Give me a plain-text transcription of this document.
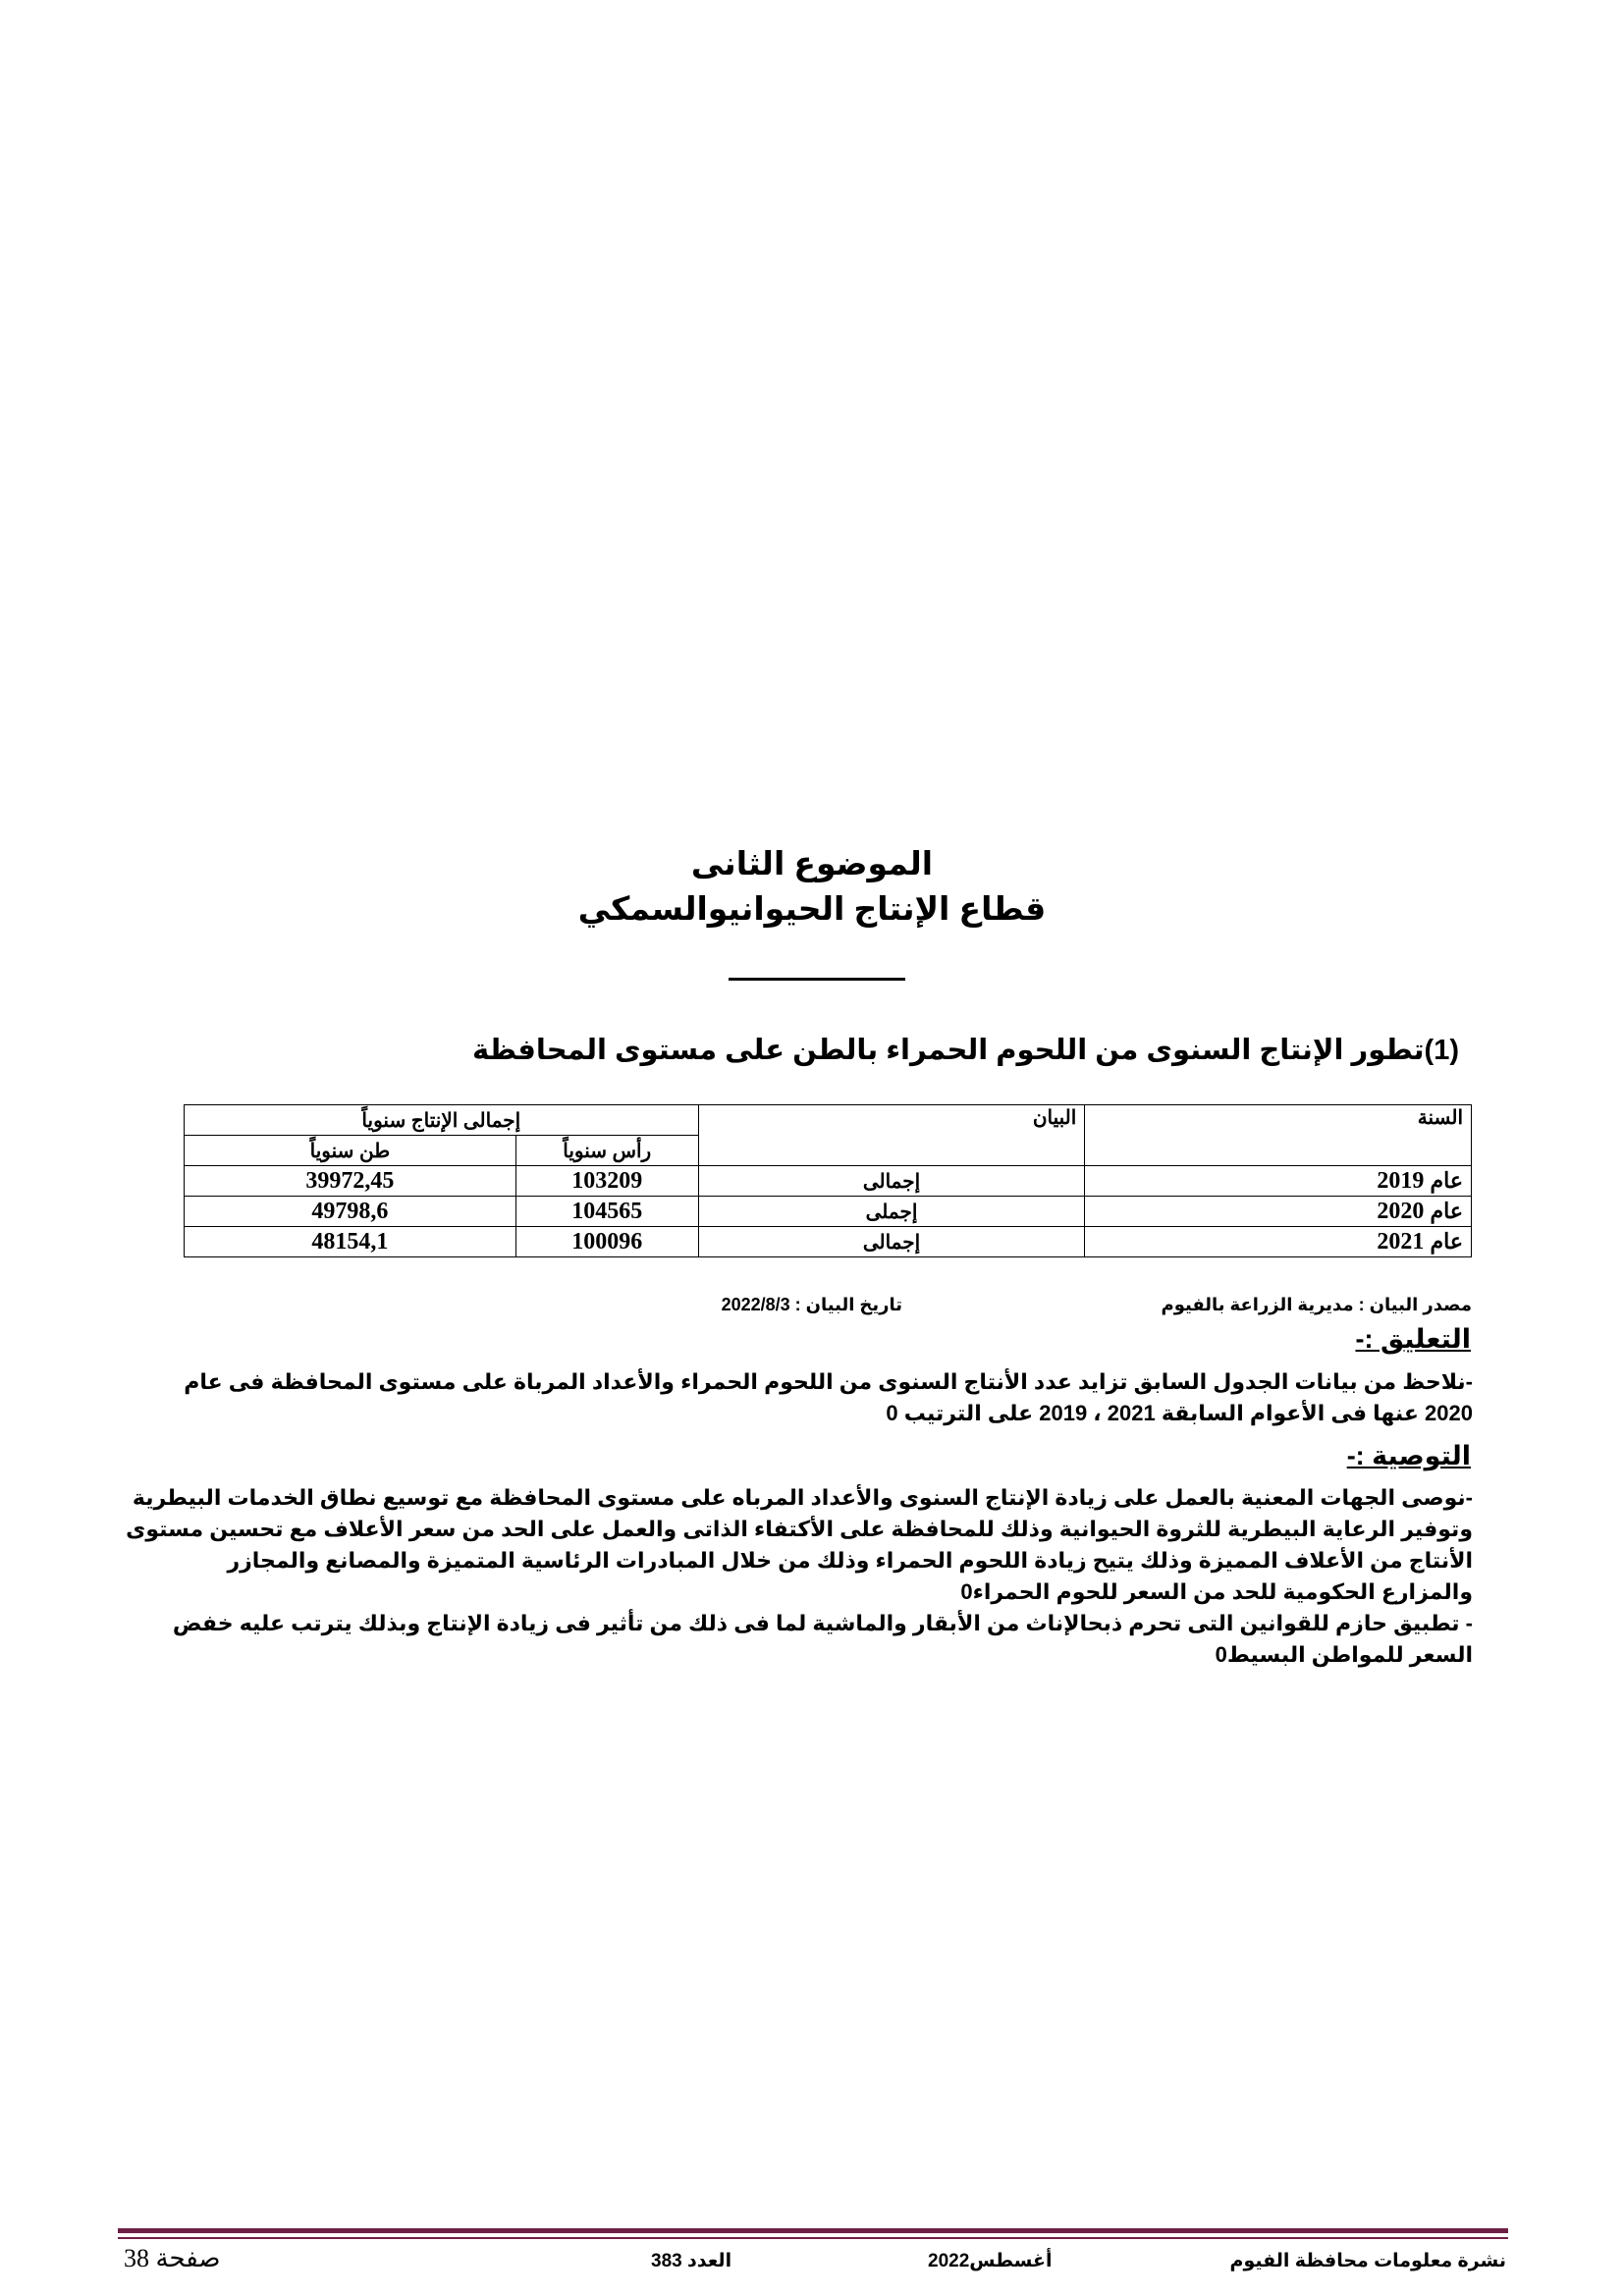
الموضوع الثانى
قطاع الإنتاج الحيوانيوالسمكي
(1)تطور الإنتاج السنوى من اللحوم الحمراء بالطن على مستوى المحافظة
السنة	البيان	إجمالى الإنتاج سنوياً	
		رأس سنوياً	طن سنوياً
عام 2019	إجمالى	103209	39972,45
عام 2020	إجملى	104565	49798,6
عام 2021	إجمالى	100096	48154,1
مصدر البيان : مديرية الزراعة بالفيوم
تاريخ البيان : 2022/8/3
التعليق :-
-نلاحظ من بيانات الجدول السابق تزايد عدد الأنتاج السنوى من اللحوم الحمراء والأعداد المرباة على مستوى المحافظة فى عام
2020 عنها فى الأعوام السابقة 2021 ، 2019 على الترتيب 0
التوصية :-
-نوصى الجهات المعنية بالعمل على زيادة الإنتاج السنوى والأعداد المرباه على مستوى المحافظة مع توسيع نطاق الخدمات البيطرية
وتوفير الرعاية البيطرية للثروة الحيوانية وذلك للمحافظة على الأكتفاء الذاتى والعمل على الحد من سعر الأعلاف مع تحسين مستوى
الأنتاج من الأعلاف المميزة وذلك يتيح زيادة اللحوم الحمراء وذلك من خلال المبادرات الرئاسية المتميزة والمصانع والمجازر
والمزارع الحكومية للحد من السعر للحوم الحمراء0
- تطبيق حازم للقوانين التى تحرم ذبحالإناث من الأبقار والماشية لما فى ذلك من تأثير فى زيادة الإنتاج وبذلك يترتب عليه خفض
السعر للمواطن البسيط0
نشرة معلومات محافظة الفيوم
أغسطس2022
العدد 383
صفحة 38
